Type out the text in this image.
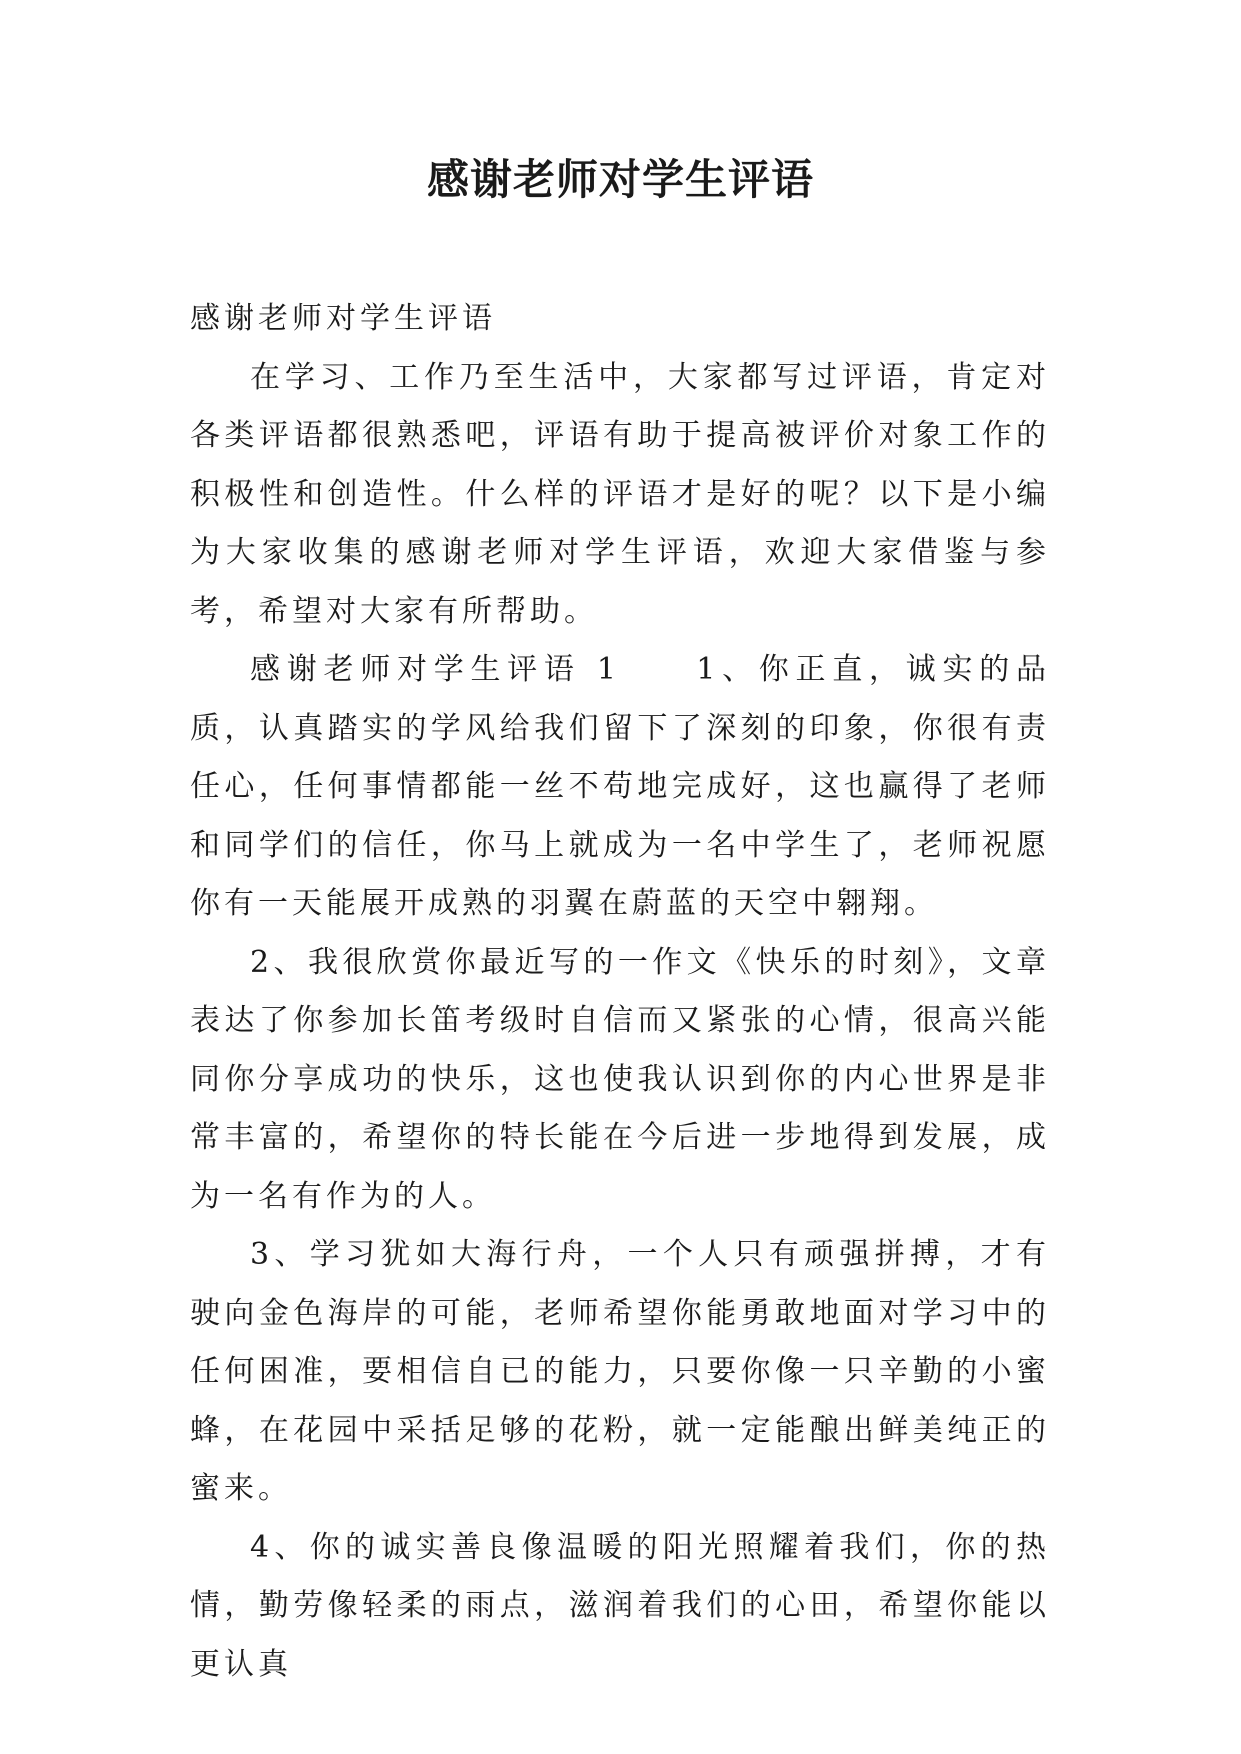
感谢老师对学生评语

感谢老师对学生评语

在学习、工作乃至生活中，大家都写过评语，肯定对各类评语都很熟悉吧，评语有助于提高被评价对象工作的积极性和创造性。什么样的评语才是好的呢？以下是小编为大家收集的感谢老师对学生评语，欢迎大家借鉴与参考，希望对大家有所帮助。

感谢老师对学生评语 1　　1、你正直，诚实的品质，认真踏实的学风给我们留下了深刻的印象，你很有责任心，任何事情都能一丝不苟地完成好，这也赢得了老师和同学们的信任，你马上就成为一名中学生了，老师祝愿你有一天能展开成熟的羽翼在蔚蓝的天空中翱翔。

2、我很欣赏你最近写的一作文《快乐的时刻》，文章表达了你参加长笛考级时自信而又紧张的心情，很高兴能同你分享成功的快乐，这也使我认识到你的内心世界是非常丰富的，希望你的特长能在今后进一步地得到发展，成为一名有作为的人。

3、学习犹如大海行舟，一个人只有顽强拼搏，才有驶向金色海岸的可能，老师希望你能勇敢地面对学习中的任何困准，要相信自已的能力，只要你像一只辛勤的小蜜蜂，在花园中采括足够的花粉，就一定能酿出鲜美纯正的蜜来。

4、你的诚实善良像温暖的阳光照耀着我们，你的热情，勤劳像轻柔的雨点，滋润着我们的心田，希望你能以更认真
